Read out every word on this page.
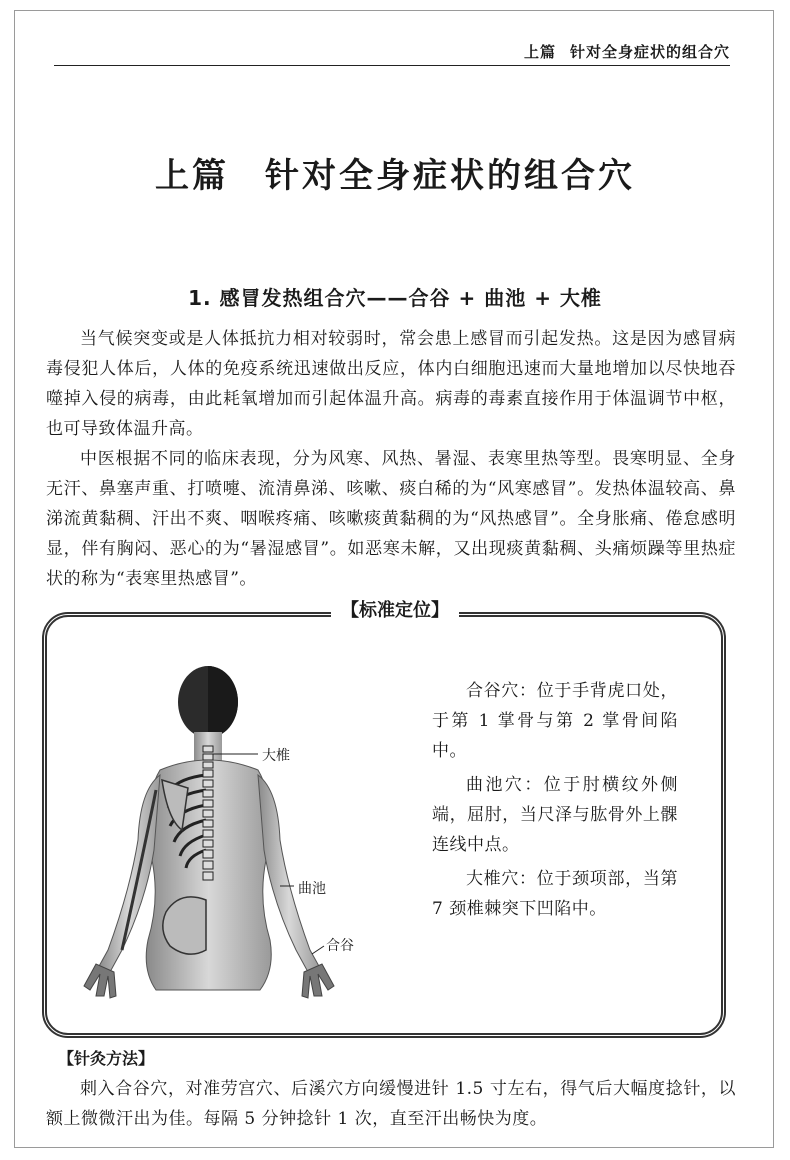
上篇 针对全身症状的组合穴
上篇 针对全身症状的组合穴
1. 感冒发热组合穴——合谷 + 曲池 + 大椎

当气候突变或是人体抵抗力相对较弱时，常会患上感冒而引起发热。这是因为感冒病毒侵犯人体后，人体的免疫系统迅速做出反应，体内白细胞迅速而大量地增加以尽快地吞噬掉入侵的病毒，由此耗氧增加而引起体温升高。病毒的毒素直接作用于体温调节中枢，也可导致体温升高。

中医根据不同的临床表现，分为风寒、风热、暑湿、表寒里热等型。畏寒明显、全身无汗、鼻塞声重、打喷嚏、流清鼻涕、咳嗽、痰白稀的为“风寒感冒”。发热体温较高、鼻涕流黄黏稠、汗出不爽、咽喉疼痛、咳嗽痰黄黏稠的为“风热感冒”。全身胀痛、倦怠感明显，伴有胸闷、恶心的为“暑湿感冒”。如恶寒未解，又出现痰黄黏稠、头痛烦躁等里热症状的称为“表寒里热感冒”。

【标准定位】
大椎
曲池
合谷

合谷穴：位于手背虎口处，于第 1 掌骨与第 2 掌骨间陷中。

曲池穴：位于肘横纹外侧端，屈肘，当尺泽与肱骨外上髁连线中点。

大椎穴：位于颈项部，当第 7 颈椎棘突下凹陷中。

【针灸方法】

刺入合谷穴，对准劳宫穴、后溪穴方向缓慢进针 1.5 寸左右，得气后大幅度捻针，以额上微微汗出为佳。每隔 5 分钟捻针 1 次，直至汗出畅快为度。
